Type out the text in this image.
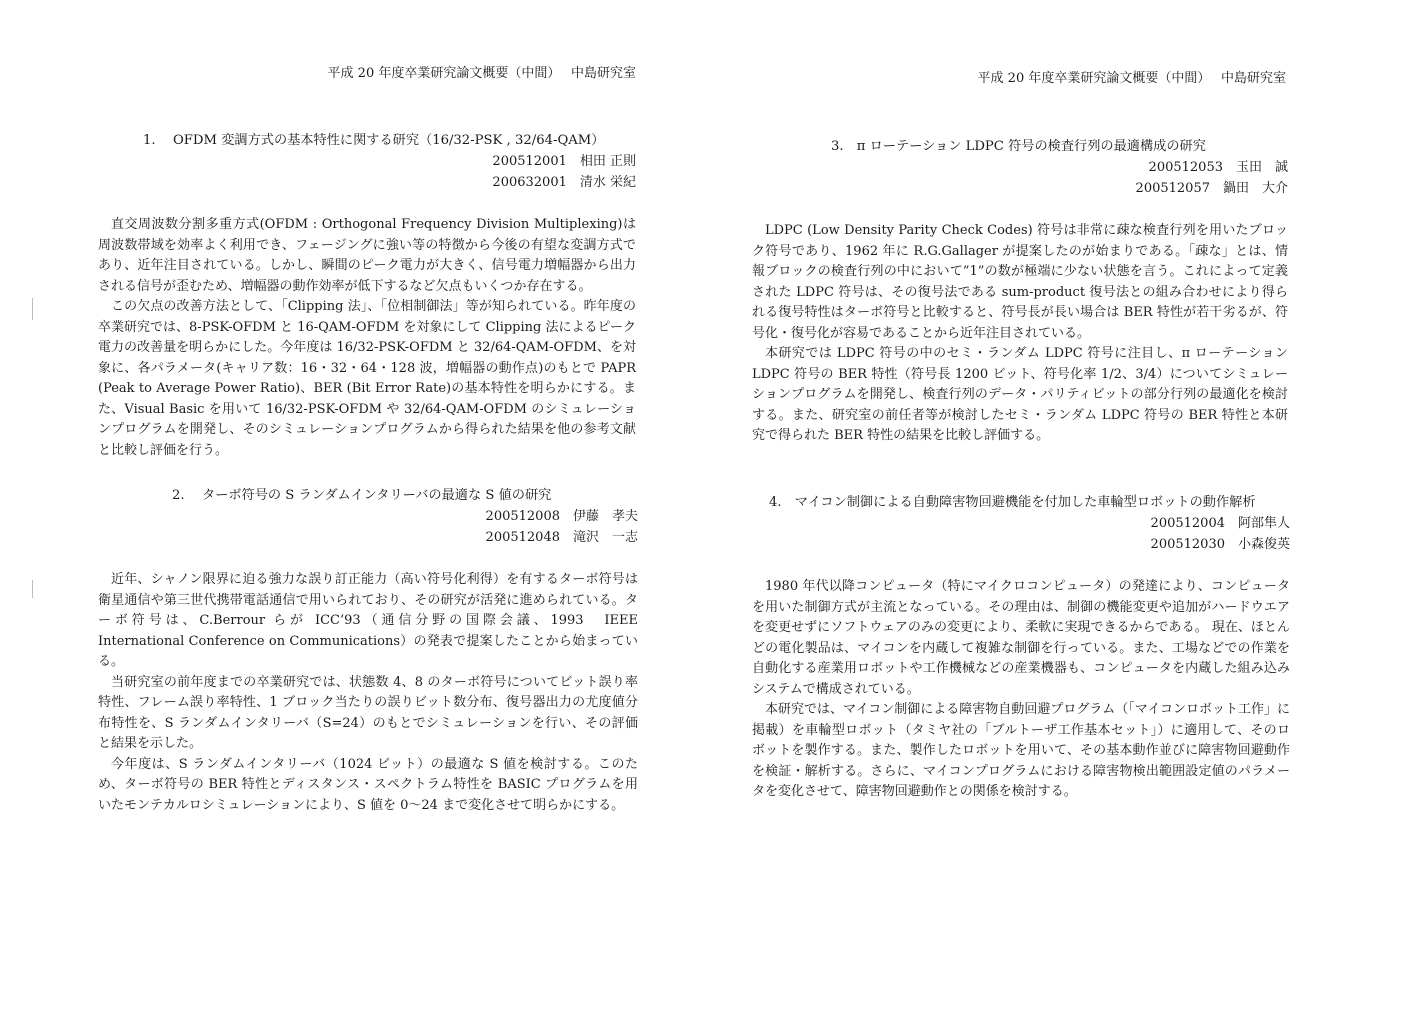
平成 20 年度卒業研究論文概要（中間）　 中島研究室
1.　 OFDM 変調方式の基本特性に関する研究（16/32-PSK , 32/64-QAM）
200512001　相田 正則
200632001　清水 栄紀

直交周波数分割多重方式(OFDM : Orthogonal Frequency Division Multiplexing)は周波数帯域を効率よく利用でき、フェージングに強い等の特徴から今後の有望な変調方式であり、近年注目されている。しかし、瞬間のピーク電力が大きく、信号電力増幅器から出力される信号が歪むため、増幅器の動作効率が低下するなど欠点もいくつか存在する。

この欠点の改善方法として、「Clipping 法」、「位相制御法」等が知られている。昨年度の卒業研究では、8-PSK-OFDM と 16-QAM-OFDM を対象にして Clipping 法によるピーク電力の改善量を明らかにした。今年度は 16/32-PSK-OFDM と 32/64-QAM-OFDM、を対象に、各パラメータ(キャリア数：16・32・64・128 波，増幅器の動作点)のもとで PAPR (Peak to Average Power Ratio)、BER (Bit Error Rate)の基本特性を明らかにする。また、Visual Basic を用いて 16/32-PSK-OFDM や 32/64-QAM-OFDM のシミュレーションプログラムを開発し、そのシミュレーションプログラムから得られた結果を他の参考文献と比較し評価を行う。

2.　 ターボ符号の S ランダムインタリーバの最適な S 値の研究
200512008　伊藤　孝夫
200512048　滝沢　一志

近年、シャノン限界に迫る強力な誤り訂正能力（高い符号化利得）を有するターボ符号は衛星通信や第三世代携帯電話通信で用いられており、その研究が活発に進められている。ターボ符号は、C.Berrour らが ICC‘93（通信分野の国際会議、1993　IEEE　International Conference on Communications）の発表で提案したことから始まっている。

当研究室の前年度までの卒業研究では、状態数 4、8 のターボ符号についてビット誤り率特性、フレーム誤り率特性、1 ブロック当たりの誤りビット数分布、復号器出力の尤度値分布特性を、S ランダムインタリーバ（S=24）のもとでシミュレーションを行い、その評価と結果を示した。

今年度は、S ランダムインタリーバ（1024 ビット）の最適な S 値を検討する。このため、ターボ符号の BER 特性とディスタンス・スペクトラム特性を BASIC プログラムを用いたモンテカルロシミュレーションにより、S 値を 0～24 まで変化させて明らかにする。

平成 20 年度卒業研究論文概要（中間）　 中島研究室
3.　π ローテーション LDPC 符号の検査行列の最適構成の研究
200512053　玉田　誠
200512057　鍋田　大介

LDPC (Low Density Parity Check Codes) 符号は非常に疎な検査行列を用いたブロック符号であり、1962 年に R.G.Gallager が提案したのが始まりである。「疎な」とは、情報ブロックの検査行列の中において”1”の数が極端に少ない状態を言う。これによって定義された LDPC 符号は、その復号法である sum-product 復号法との組み合わせにより得られる復号特性はターボ符号と比較すると、符号長が長い場合は BER 特性が若干劣るが、符号化・復号化が容易であることから近年注目されている。

本研究では LDPC 符号の中のセミ・ランダム LDPC 符号に注目し、π ローテーション LDPC 符号の BER 特性（符号長 1200 ビット、符号化率 1/2、3/4）についてシミュレーションプログラムを開発し、検査行列のデータ・パリティビットの部分行列の最適化を検討する。また、研究室の前任者等が検討したセミ・ランダム LDPC 符号の BER 特性と本研究で得られた BER 特性の結果を比較し評価する。

4.　マイコン制御による自動障害物回避機能を付加した車輪型ロボットの動作解析
200512004　阿部隼人
200512030　小森俊英

1980 年代以降コンピュータ（特にマイクロコンピュータ）の発達により、コンピュータを用いた制御方式が主流となっている。その理由は、制御の機能変更や追加がハードウエアを変更せずにソフトウェアのみの変更により、柔軟に実現できるからである。 現在、ほとんどの電化製品は、マイコンを内蔵して複雑な制御を行っている。また、工場などでの作業を自動化する産業用ロボットや工作機械などの産業機器も、コンピュータを内蔵した組み込みシステムで構成されている。

本研究では、マイコン制御による障害物自動回避プログラム（「マイコンロボット工作」に掲載）を車輪型ロボット（タミヤ社の「ブルトーザ工作基本セット」）に適用して、そのロボットを製作する。また、製作したロボットを用いて、その基本動作並びに障害物回避動作を検証・解析する。さらに、マイコンプログラムにおける障害物検出範囲設定値のパラメータを変化させて、障害物回避動作との関係を検討する。
